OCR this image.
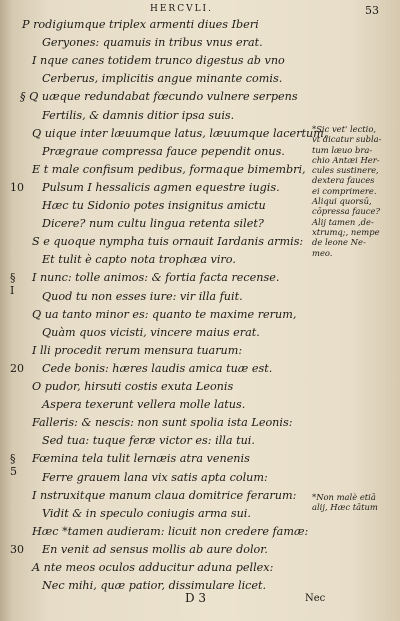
HERCVLI.	53
P rodigiumque triplex armenti diues Iberi
Geryones: quamuis in tribus vnus erat.
I nque canes totidem trunco digestus ab vno
Cerberus, implicitis angue minante comis.
§ Q uæque redundabat fœcundo vulnere serpens
Fertilis, & damnis ditior ipsa suis.
Q uique inter læuumque latus, læuumque lacertum,
Prægraue compressa fauce pependit onus.
E t male confisum pedibus, formaque bimembri,
Pulsum I hessalicis agmen equestre iugis.
10
Hæc tu Sidonio potes insignitus amictu
Dicere? num cultu lingua retenta silet?
S e quoque nympha tuis ornauit Iardanis armis:
Et tulit è capto nota trophæa viro.
I nunc: tolle animos: & fortia facta recense.
§ I Quod tu non esses iure: vir illa fuit.
Q ua tanto minor es: quanto te maxime rerum,
Quàm quos vicisti, vincere maius erat.
I lli procedit rerum mensura tuarum:
Cede bonis: hæres laudis amica tuæ est.
20
O pudor, hirsuti costis exuta Leonis
Aspera texerunt vellera molle latus.
Falleris: & nescis: non sunt spolia ista Leonis:
Sed tua: tuque feræ victor es: illa tui.
Fœmina tela tulit lernæis atra venenis
§ 5 Ferre grauem lana vix satis apta colum:
I nstruxitque manum claua domitrice ferarum:
Vidit & in speculo coniugis arma sui.
Hæc *tamen audieram: licuit non credere famæ:
En venit ad sensus mollis ab aure dolor.
30
A nte meos oculos adducitur aduna pellex:
Nec mihi, quæ patior, dissimulare licet.
*Sic vet' lectio,
vt dicatur subla-
tum læuo bra-
chio Antæi Her-
cules sustinere,
dextera fauces
ei comprimere.
Aliqui quorsū,
cōpressa fauce?
Alij tamen ,de-
xtrumq;, nempe
de leone Ne-
meo.
*Non malè etiā
alij, Hæc tātum
D 3	Nec
